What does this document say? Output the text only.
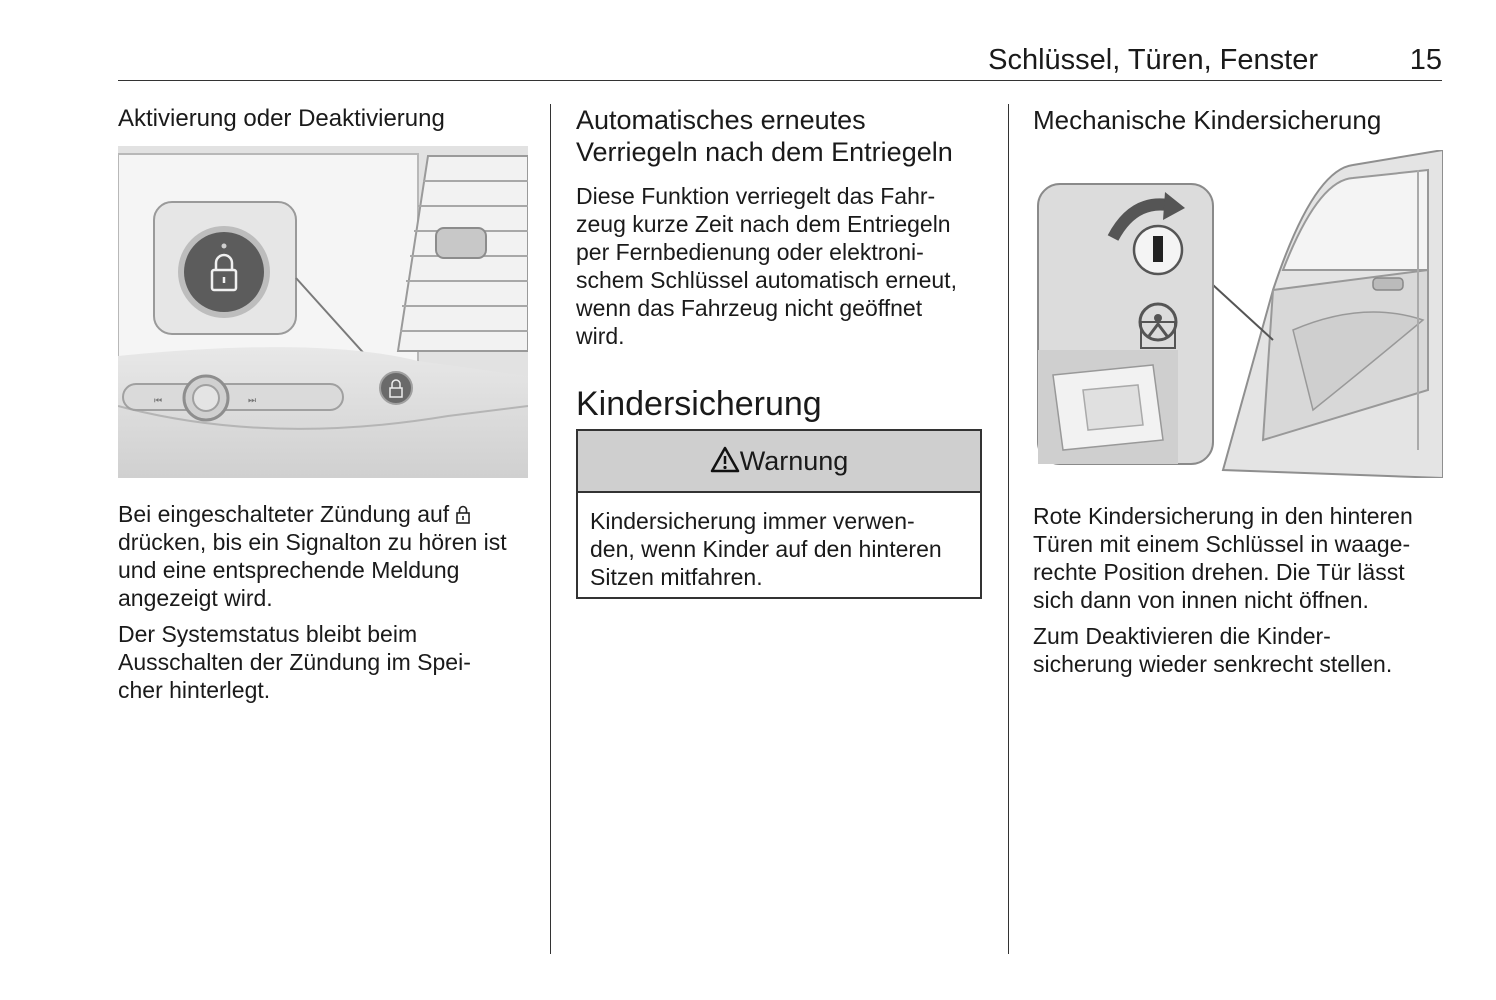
Schlüssel, Türen, Fenster	15
Aktivierung oder Deaktivierung
⏮	⏭

Bei eingeschalteter Zündung auf
drücken, bis ein Signalton zu hören ist
und eine entsprechende Meldung
angezeigt wird.

Der Systemstatus bleibt beim
Ausschalten der Zündung im Spei-
cher hinterlegt.

Automatisches erneutes
Verriegeln nach dem Entriegeln

Diese Funktion verriegelt das Fahr-
zeug kurze Zeit nach dem Entriegeln
per Fernbedienung oder elektroni-
schem Schlüssel automatisch erneut,
wenn das Fahrzeug nicht geöffnet
wird.

Kindersicherung
Warnung
Kindersicherung immer verwen-
den, wenn Kinder auf den hinteren
Sitzen mitfahren.
Mechanische Kindersicherung

Rote Kindersicherung in den hinteren
Türen mit einem Schlüssel in waage-
rechte Position drehen. Die Tür lässt
sich dann von innen nicht öffnen.

Zum Deaktivieren die Kinder-
sicherung wieder senkrecht stellen.
